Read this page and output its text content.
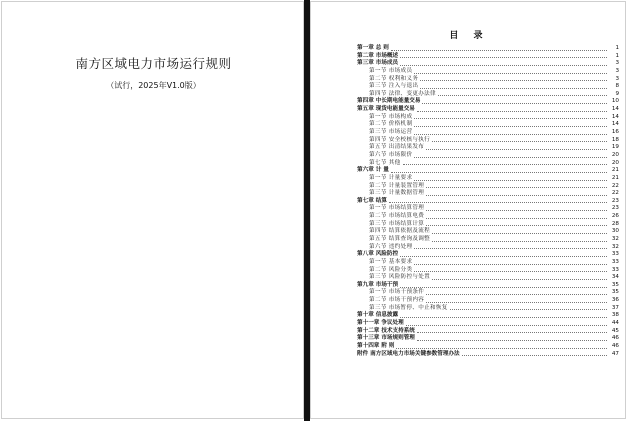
南方区域电力市场运行规则
（试行，2025年V1.0版）
目 录
第一章 总 则	1
第二章 市场概述	1
第三章 市场成员	3
第一节 市场成员	3
第二节 权利和义务	3
第三节 注入与退出	8
第四节 法律、变更办法律	9
第四章 中长期电能量交易	10
第五章 现货电能量交易	14
第一节 市场构成	14
第二节 价格机制	14
第三节 市场运营	16
第四节 安全校核与执行	18
第五节 出清结果发布	19
第六节 市场限价	20
第七节 其他	20
第六章 计 量	21
第一节 计量要求	21
第二节 计量装置管理	22
第三节 计量数据管理	22
第七章 结算	23
第一节 市场结算管理	23
第二节 市场结算电费	26
第三节 市场结算计算	28
第四节 结算依据及流程	30
第五节 结算查询及调整	32
第六节 违约处理	32
第八章 风险防控	33
第一节 基本要求	33
第二节 风险分类	33
第三节 风险防控与处置	34
第九章 市场干预	35
第一节 市场干预条件	35
第二节 市场干预内容	36
第三节 市场暂停、中止和恢复	37
第十章 信息披露	38
第十一章 争议处理	44
第十二章 技术支持系统	45
第十三章 市场规则管理	46
第十四章 附 则	46
附件 南方区域电力市场关键参数管理办法	47
